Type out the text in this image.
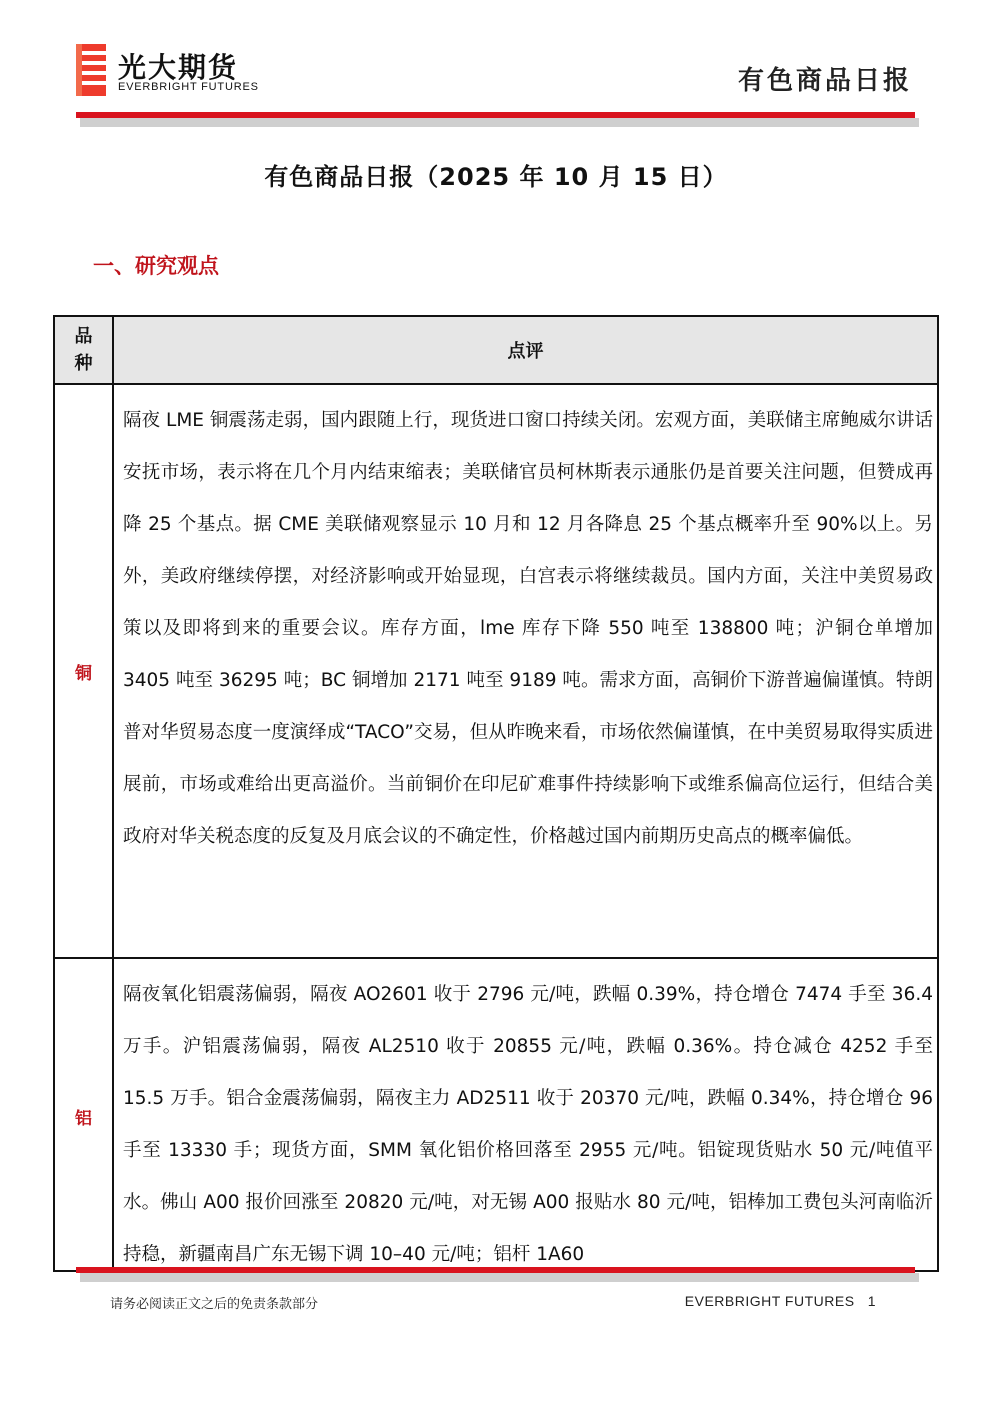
光大期货
EVERBRIGHT FUTURES	有色商品日报
有色商品日报（2025 年 10 月 15 日）
一、研究观点
品种
点评
铜

隔夜 LME 铜震荡走弱，国内跟随上行，现货进口窗口持续关闭。宏观方面，美联储主席鲍威尔讲话安抚市场，表示将在几个月内结束缩表；美联储官员柯林斯表示通胀仍是首要关注问题，但赞成再降 25 个基点。据 CME 美联储观察显示 10 月和 12 月各降息 25 个基点概率升至 90%以上。另外，美政府继续停摆，对经济影响或开始显现，白宫表示将继续裁员。国内方面，关注中美贸易政策以及即将到来的重要会议。库存方面，lme 库存下降 550 吨至 138800 吨；沪铜仓单增加 3405 吨至 36295 吨；BC 铜增加 2171 吨至 9189 吨。需求方面，高铜价下游普遍偏谨慎。特朗普对华贸易态度一度演绎成“TACO”交易，但从昨晚来看，市场依然偏谨慎，在中美贸易取得实质进展前，市场或难给出更高溢价。当前铜价在印尼矿难事件持续影响下或维系偏高位运行，但结合美政府对华关税态度的反复及月底会议的不确定性，价格越过国内前期历史高点的概率偏低。

铝

隔夜氧化铝震荡偏弱，隔夜 AO2601 收于 2796 元/吨，跌幅 0.39%，持仓增仓 7474 手至 36.4 万手。沪铝震荡偏弱，隔夜 AL2510 收于 20855 元/吨，跌幅 0.36%。持仓减仓 4252 手至 15.5 万手。铝合金震荡偏弱，隔夜主力 AD2511 收于 20370 元/吨，跌幅 0.34%，持仓增仓 96 手至 13330 手；现货方面，SMM 氧化铝价格回落至 2955 元/吨。铝锭现货贴水 50 元/吨值平水。佛山 A00 报价回涨至 20820 元/吨，对无锡 A00 报贴水 80 元/吨，铝棒加工费包头河南临沂持稳，新疆南昌广东无锡下调 10–40 元/吨；铝杆 1A60

请务必阅读正文之后的免责条款部分	EVERBRIGHT FUTURES 1
